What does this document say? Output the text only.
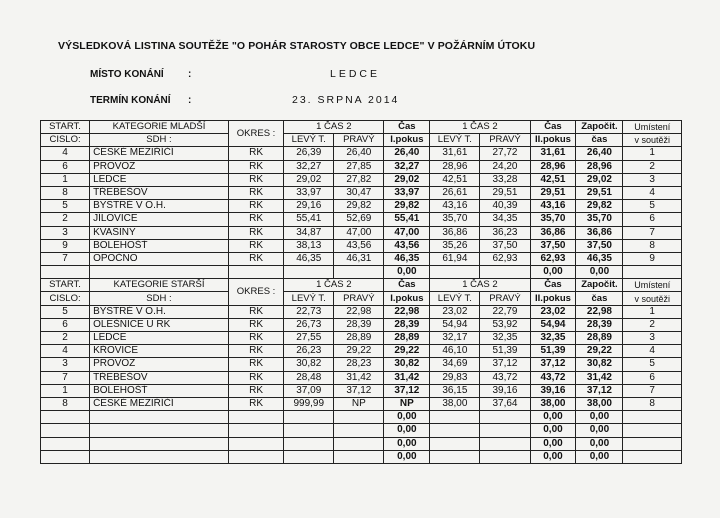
VÝSLEDKOVÁ LISTINA SOUTĚŽE "O POHÁR STAROSTY OBCE LEDCE" V POŽÁRNÍM ÚTOKU
MÍSTO KONÁNÍ :	LEDCE
TERMÍN KONÁNÍ :	23. SRPNA 2014
START.	KATEGORIE MLADŠÍ	OKRES :	1 ČAS 2		Čas	1 ČAS 2		Čas	Započit.	Umístení
CISLO:	SDH :		LEVÝ T.	PRAVÝ	I.pokus	LEVÝ T.	PRAVÝ	II.pokus	čas	v soutěži
4	ČESKÉ MEZIŘÍČÍ	RK	26,39	26,40	26,40	31,61	27,72	31,61	26,40	1
6	PROVOZ	RK	32,27	27,85	32,27	28,96	24,20	28,96	28,96	2
1	LEDCE	RK	29,02	27,82	29,02	42,51	33,28	42,51	29,02	3
8	TŘEBEŠOV	RK	33,97	30,47	33,97	26,61	29,51	29,51	29,51	4
5	BYSTRÉ V O.H.	RK	29,16	29,82	29,82	43,16	40,39	43,16	29,82	5
2	JÍLOVICE	RK	55,41	52,69	55,41	35,70	34,35	35,70	35,70	6
3	KVASINY	RK	34,87	47,00	47,00	36,86	36,23	36,86	36,86	7
9	BOLEHOŠŤ	RK	38,13	43,56	43,56	35,26	37,50	37,50	37,50	8
7	OPOČNO	RK	46,35	46,31	46,35	61,94	62,93	62,93	46,35	9
					0,00			0,00	0,00	
START.	KATEGORIE STARŠÍ	OKRES :	1 ČAS 2		Čas	1 ČAS 2		Čas	Započit.	Umístení
CISLO:	SDH :		LEVÝ T.	PRAVÝ	I.pokus	LEVÝ T.	PRAVÝ	II.pokus	čas	v soutěži
5	BYSTRÉ V O.H.	RK	22,73	22,98	22,98	23,02	22,79	23,02	22,98	1
6	OLEŠNICE U RK	RK	26,73	28,39	28,39	54,94	53,92	54,94	28,39	2
2	LEDCE	RK	27,55	28,89	28,89	32,17	32,35	32,35	28,89	3
4	KŘOVICE	RK	26,23	29,22	29,22	46,10	51,39	51,39	29,22	4
3	PROVOZ	RK	30,82	28,23	30,82	34,69	37,12	37,12	30,82	5
7	TŘEBEŠOV	RK	28,48	31,42	31,42	29,83	43,72	43,72	31,42	6
1	BOLEHOŠŤ	RK	37,09	37,12	37,12	36,15	39,16	39,16	37,12	7
8	ČESKÉ MEZIŘÍČÍ	RK	999,99	NP	NP	38,00	37,64	38,00	38,00	8
					0,00			0,00	0,00	
					0,00			0,00	0,00	
					0,00			0,00	0,00	
					0,00			0,00	0,00	
